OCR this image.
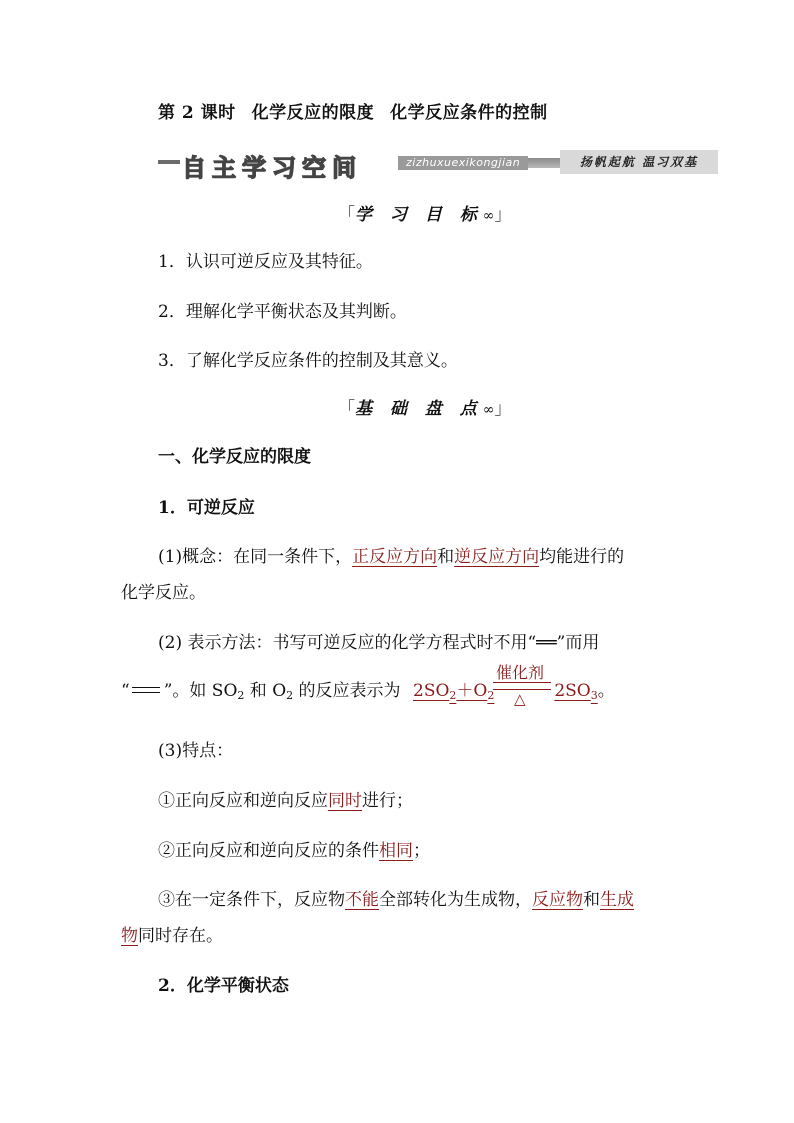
第 2 课时 化学反应的限度 化学反应条件的控制
自主学习空间	zizhuxuexikongjian	扬帆起航 温习双基
「学 习 目 标∞」
1．认识可逆反应及其特征。
2．理解化学平衡状态及其判断。
3．了解化学反应条件的控制及其意义。
「基 础 盘 点∞」
一、化学反应的限度
1．可逆反应
(1)概念：在同一条件下，正反应方向和逆反应方向均能进行的
化学反应。
(2) 表示方法：书写可逆反应的化学方程式时不用“══”而用
“ ”。如 $SO_2$ 和 $O_2$ 的反应表示为 $2SO_2+O_2$	$2SO_3$。
催化剂
△
(3)特点：
①正向反应和逆向反应同时进行；
②正向反应和逆向反应的条件相同；
③在一定条件下，反应物不能全部转化为生成物，反应物和生成
物同时存在。
2．化学平衡状态
